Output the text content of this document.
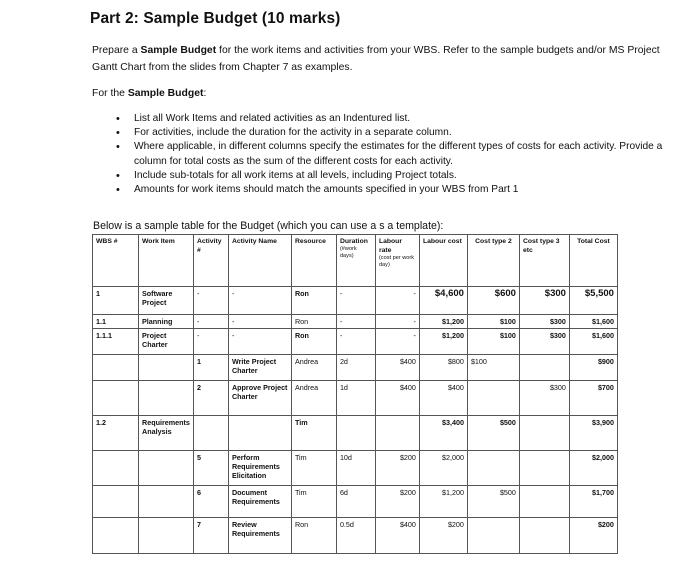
Part 2: Sample Budget (10 marks)
Prepare a Sample Budget for the work items and activities from your WBS. Refer to the sample budgets and/or MS Project Gantt Chart from the slides from Chapter 7 as examples.
For the Sample Budget:
• List all Work Items and related activities as an Indentured list.
• For activities, include the duration for the activity in a separate column.
• Where applicable, in different columns specify the estimates for the different types of costs for each activity. Provide a column for total costs as the sum of the different costs for each activity.
• Include sub-totals for all work items at all levels, including Project totals.
• Amounts for work items should match the amounts specified in your WBS from Part 1
Below is a sample table for the Budget (which you can use a s a template):
WBS #	Work Item	Activity #	Activity Name	Resource	Duration
(#work days)	Labour rate
(cost per work day)	Labour cost	Cost type 2	Cost type 3 etc	Total Cost
1	Software Project	-	-	Ron	-	-	$4,600	$600	$300	$5,500
1.1	Planning	-	-	Ron	-	-	$1,200	$100	$300	$1,600
1.1.1	Project Charter	-	-	Ron	-	-	$1,200	$100	$300	$1,600
		1	Write Project Charter	Andrea	2d	$400	$800	$100		$900
		2	Approve Project Charter	Andrea	1d	$400	$400		$300	$700
1.2	Requirements Analysis			Tim			$3,400	$500		$3,900
		5	Perform Requirements Elicitation	Tim	10d	$200	$2,000			$2,000
		6	Document Requirements	Tim	6d	$200	$1,200	$500		$1,700
		7	Review Requirements	Ron	0.5d	$400	$200			$200
